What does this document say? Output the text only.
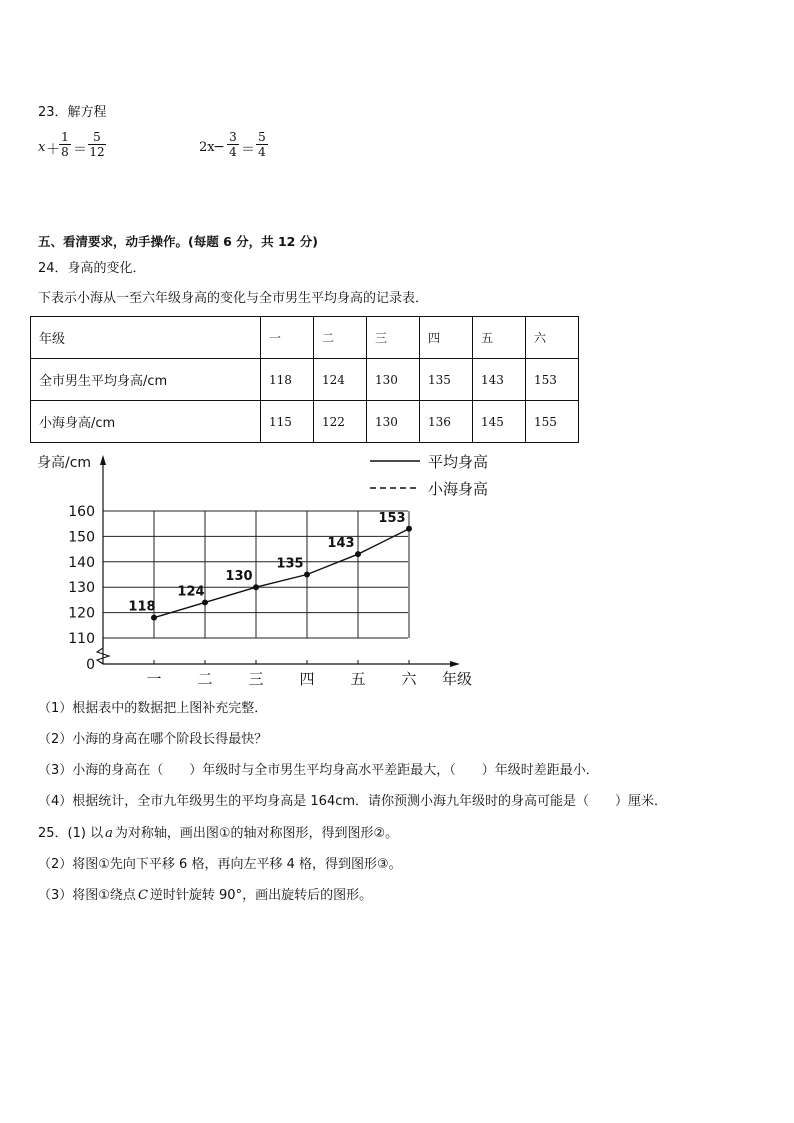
23．解方程
x ＋
1
8 ＝
5
12	2x
−
3
4 ＝
5
4
五、看清要求，动手操作。(每题 6 分，共 12 分)
24．身高的变化．
下表示小海从一至六年级身高的变化与全市男生平均身高的记录表．
年级	一	二	三	四	五	六
全市男生平均身高/cm	118	124	130	135	143	153
小海身高/cm	115	122	130	136	145	155
0
110
120
130
140
150
160
一 二 三 四 五 六
身高/cm
年级
平均身高
小海身高
118
124
130
135
143
153
（1）根据表中的数据把上图补充完整．
（2）小海的身高在哪个阶段长得最快？
（3）小海的身高在（　　）年级时与全市男生平均身高水平差距最大，（　　）年级时差距最小．
（4）根据统计，全市九年级男生的平均身高是 164cm．请你预测小海九年级时的身高可能是（　　）厘米．
25．(1) 以 a 为对称轴，画出图①的轴对称图形，得到图形②。
（2）将图①先向下平移 6 格，再向左平移 4 格，得到图形③。
（3）将图①绕点 C 逆时针旋转 90°，画出旋转后的图形。
